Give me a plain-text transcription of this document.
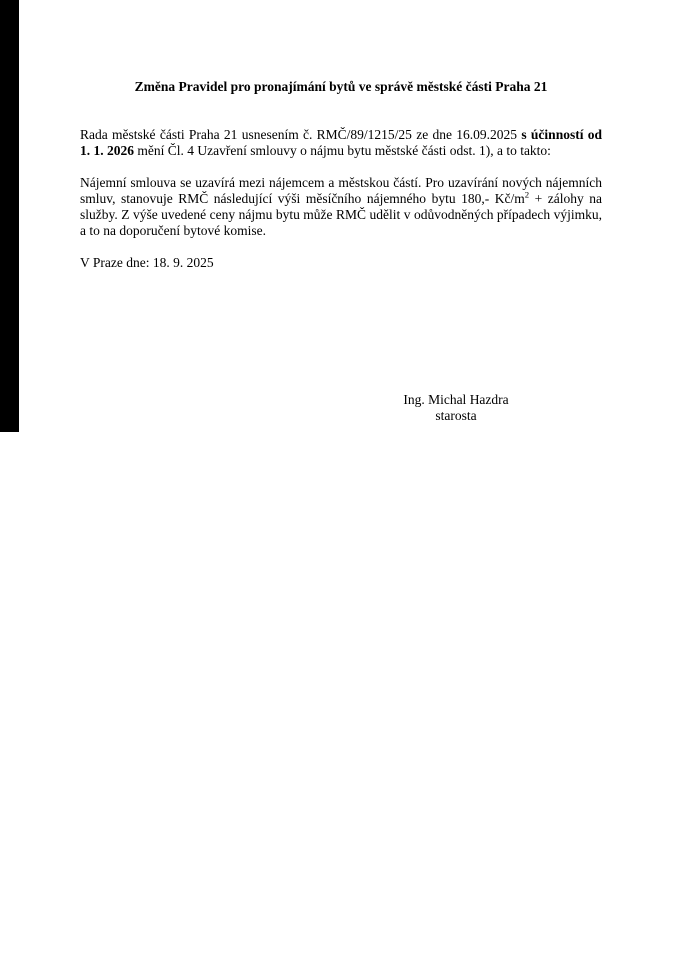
Změna Pravidel pro pronajímání bytů ve správě městské části Praha 21

Rada městské části Praha 21 usnesením č. RMČ/89/1215/25 ze dne 16.09.2025 s účinností od 1. 1. 2026 mění Čl. 4 Uzavření smlouvy o nájmu bytu městské části odst. 1), a to takto:

Nájemní smlouva se uzavírá mezi nájemcem a městskou částí. Pro uzavírání nových nájemních smluv, stanovuje RMČ následující výši měsíčního nájemného bytu 180,- $Kč/m^2$ + zálohy na služby. Z výše uvedené ceny nájmu bytu může RMČ udělit v odůvodněných případech výjimku, a to na doporučení bytové komise.

V Praze dne: 18. 9. 2025

Ing. Michal Hazdra
starosta
